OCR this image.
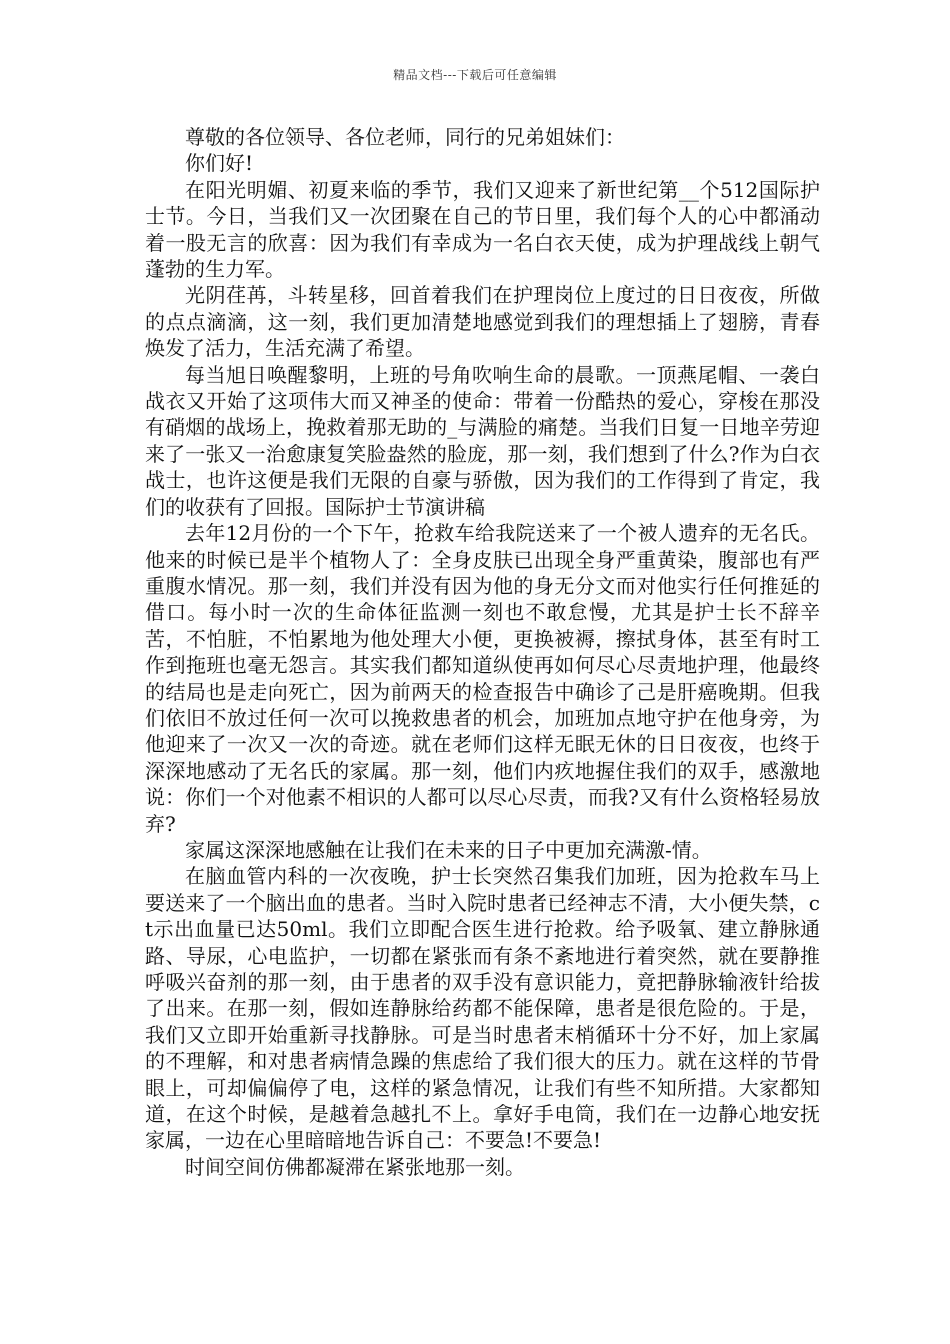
精品文档---下载后可任意编辑

尊敬的各位领导、各位老师，同行的兄弟姐妹们：

你们好!

在阳光明媚、初夏来临的季节，我们又迎来了新世纪第__个512国际护士节。今日，当我们又一次团聚在自己的节日里，我们每个人的心中都涌动着一股无言的欣喜：因为我们有幸成为一名白衣天使，成为护理战线上朝气蓬勃的生力军。

光阴荏苒，斗转星移，回首着我们在护理岗位上度过的日日夜夜，所做的点点滴滴，这一刻，我们更加清楚地感觉到我们的理想插上了翅膀，青春焕发了活力，生活充满了希望。

每当旭日唤醒黎明，上班的号角吹响生命的晨歌。一顶燕尾帽、一袭白战衣又开始了这项伟大而又神圣的使命：带着一份酷热的爱心，穿梭在那没有硝烟的战场上，挽救着那无助的_与满脸的痛楚。当我们日复一日地辛劳迎来了一张又一治愈康复笑脸盎然的脸庞，那一刻，我们想到了什么?作为白衣战士，也许这便是我们无限的自豪与骄傲，因为我们的工作得到了肯定，我们的收获有了回报。国际护士节演讲稿

去年12月份的一个下午，抢救车给我院送来了一个被人遗弃的无名氏。他来的时候已是半个植物人了：全身皮肤已出现全身严重黄染，腹部也有严重腹水情况。那一刻，我们并没有因为他的身无分文而对他实行任何推延的借口。每小时一次的生命体征监测一刻也不敢怠慢，尤其是护士长不辞辛苦，不怕脏，不怕累地为他处理大小便，更换被褥，擦拭身体，甚至有时工作到拖班也毫无怨言。其实我们都知道纵使再如何尽心尽责地护理，他最终的结局也是走向死亡，因为前两天的检查报告中确诊了己是肝癌晚期。但我们依旧不放过任何一次可以挽救患者的机会，加班加点地守护在他身旁，为他迎来了一次又一次的奇迹。就在老师们这样无眠无休的日日夜夜，也终于深深地感动了无名氏的家属。那一刻，他们内疚地握住我们的双手，感激地说：你们一个对他素不相识的人都可以尽心尽责，而我?又有什么资格轻易放弃?

家属这深深地感触在让我们在未来的日子中更加充满激-情。

在脑血管内科的一次夜晚，护士长突然召集我们加班，因为抢救车马上要送来了一个脑出血的患者。当时入院时患者已经神志不清，大小便失禁，ct示出血量已达50ml。我们立即配合医生进行抢救。给予吸氧、建立静脉通路、导尿，心电监护，一切都在紧张而有条不紊地进行着突然，就在要静推呼吸兴奋剂的那一刻，由于患者的双手没有意识能力，竟把静脉输液针给拔了出来。在那一刻，假如连静脉给药都不能保障，患者是很危险的。于是，我们又立即开始重新寻找静脉。可是当时患者末梢循环十分不好，加上家属的不理解，和对患者病情急躁的焦虑给了我们很大的压力。就在这样的节骨眼上，可却偏偏停了电，这样的紧急情况，让我们有些不知所措。大家都知道，在这个时候，是越着急越扎不上。拿好手电筒，我们在一边静心地安抚家属，一边在心里暗暗地告诉自己：不要急!不要急!

时间空间仿佛都凝滞在紧张地那一刻。
